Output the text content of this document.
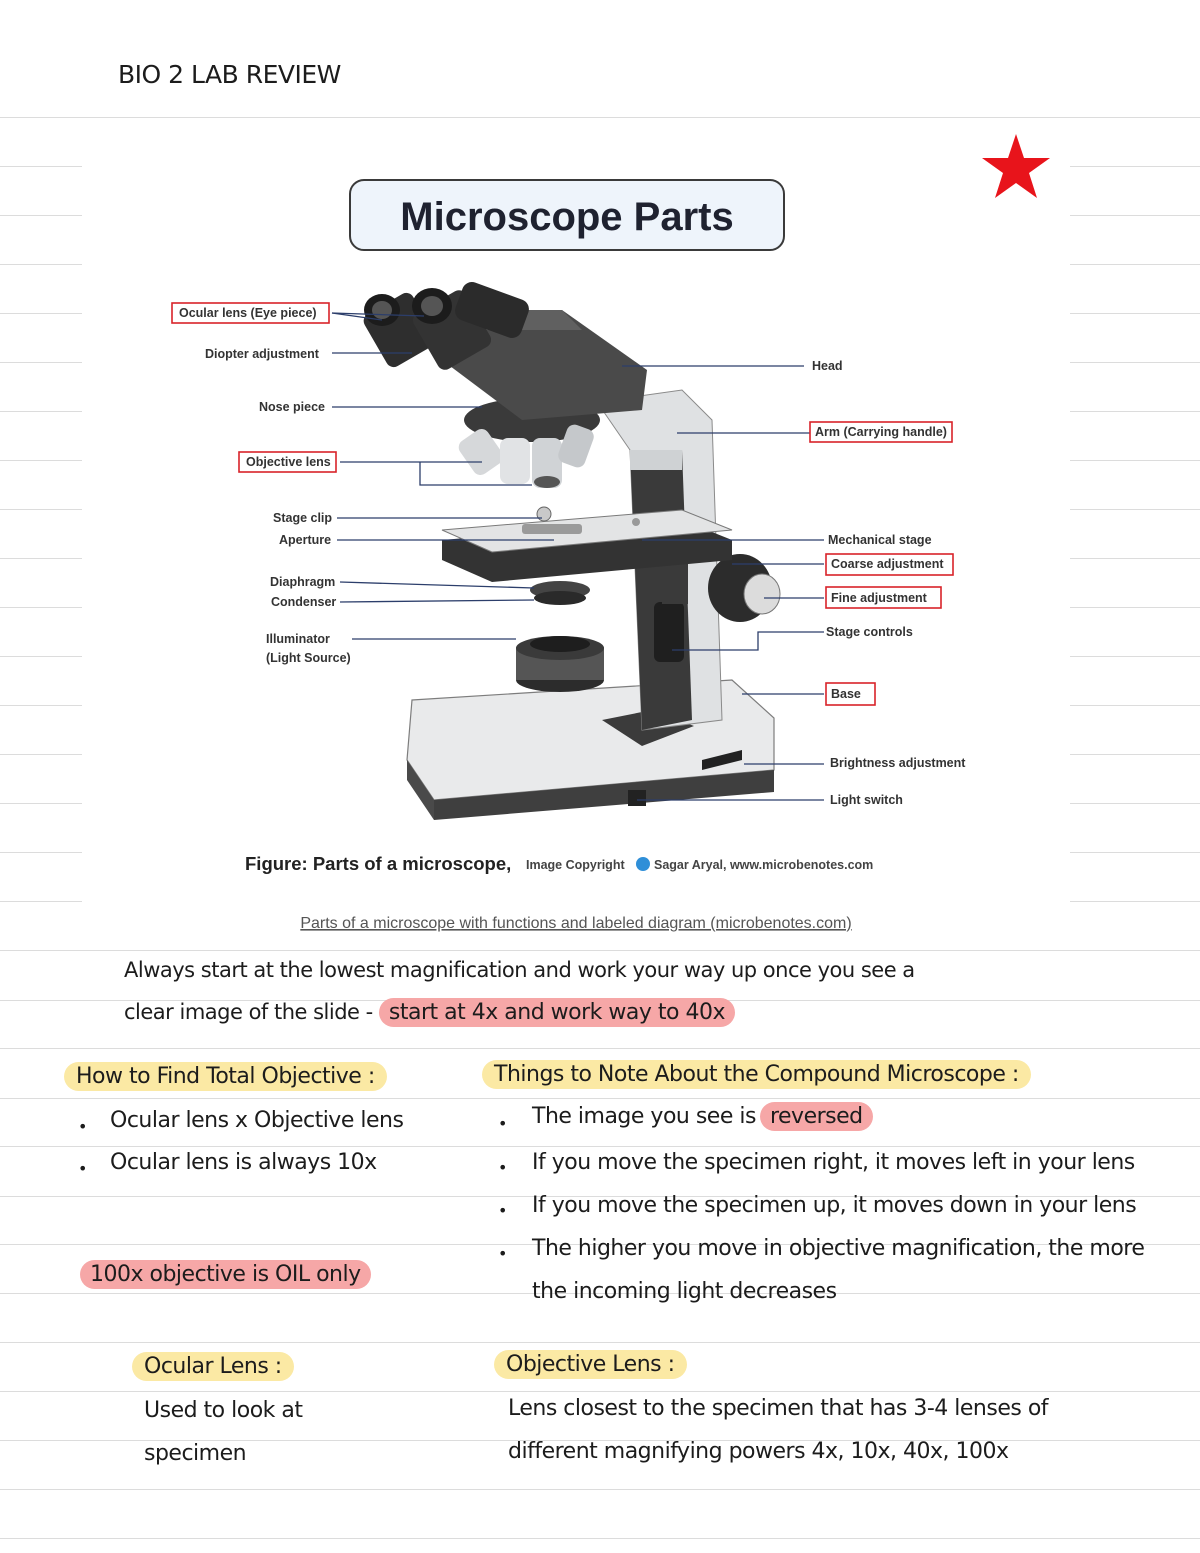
BIO 2 LAB REVIEW
Microscope Parts
Ocular lens (Eye piece)
Diopter adjustment
Nose piece
Objective lens
Stage clip
Aperture
Diaphragm
Condenser
Illuminator
(Light Source)
Head
Arm (Carrying handle)
Mechanical stage
Coarse adjustment
Fine adjustment
Stage controls
Base
Brightness adjustment
Light switch
Figure: Parts of a microscope, Image Copyright Sagar Aryal, www.microbenotes.com
Parts of a microscope with functions and labeled diagram (microbenotes.com)
Always start at the lowest magnification and work your way up once you see a
clear image of the slide - start at 4x and work way to 40x
How to Find Total Objective :
• Ocular lens x Objective lens
• Ocular lens is always 10x
100x objective is OIL only
Things to Note About the Compound Microscope :
• The image you see is reversed
• If you move the specimen right, it moves left in your lens
• If you move the specimen up, it moves down in your lens
• The higher you move in objective magnification, the more
the incoming light decreases
Ocular Lens :
Used to look at
specimen
Objective Lens :
Lens closest to the specimen that has 3-4 lenses of
different magnifying powers 4x, 10x, 40x, 100x
